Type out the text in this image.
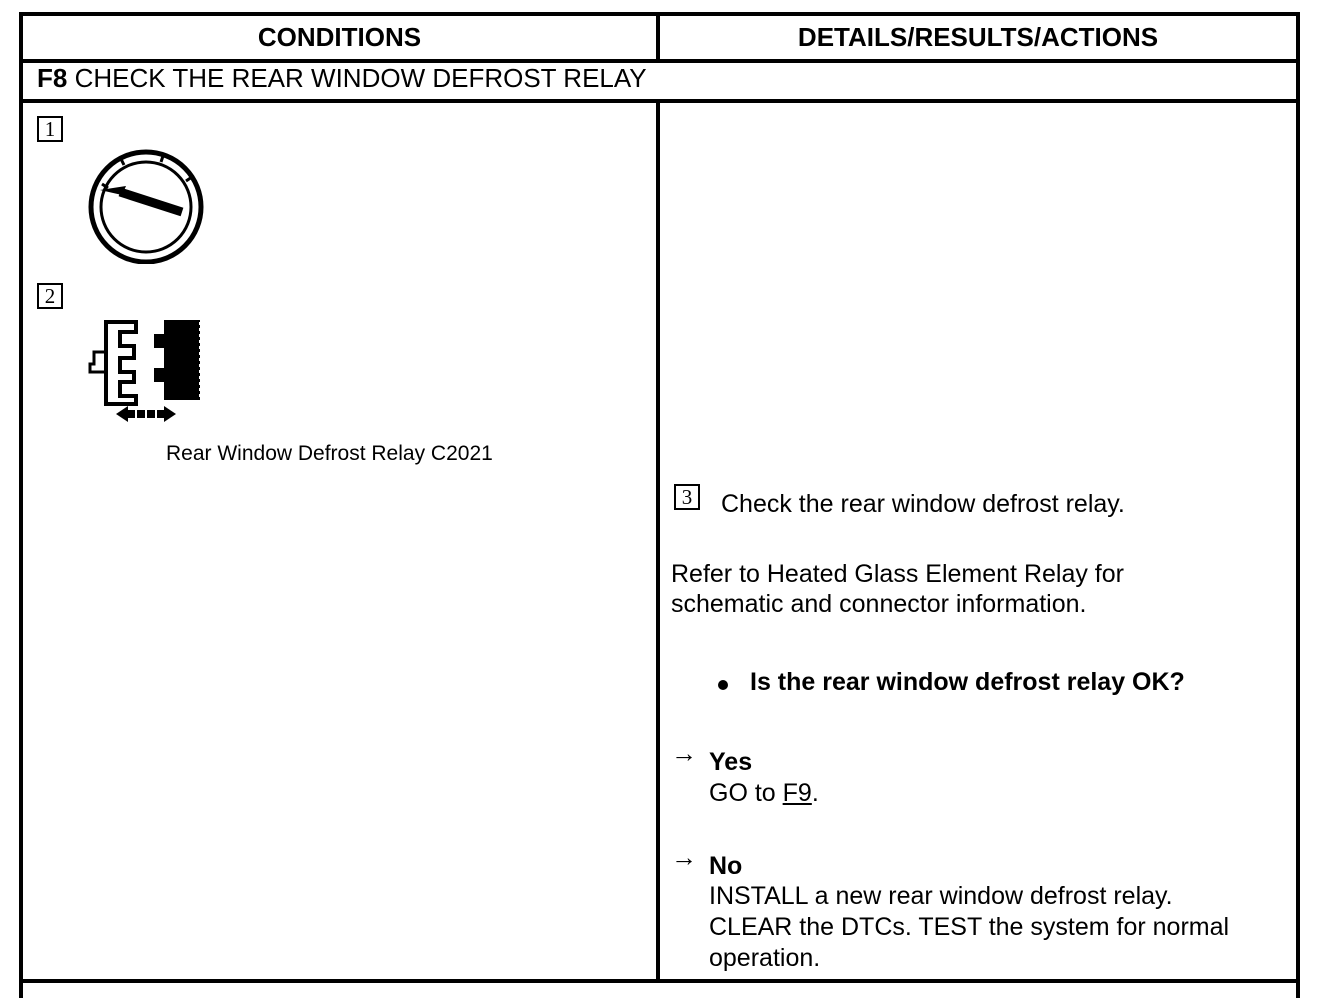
CONDITIONS	DETAILS/RESULTS/ACTIONS
F8 CHECK THE REAR WINDOW DEFROST RELAY
1
2
Rear Window Defrost Relay C2021
3	Check the rear window defrost relay.
Refer to Heated Glass Element Relay for
schematic and connector information.
Is the rear window defrost relay OK?
→ Yes
GO to F9.
→ No
INSTALL a new rear window defrost relay.
CLEAR the DTCs. TEST the system for normal
operation.
